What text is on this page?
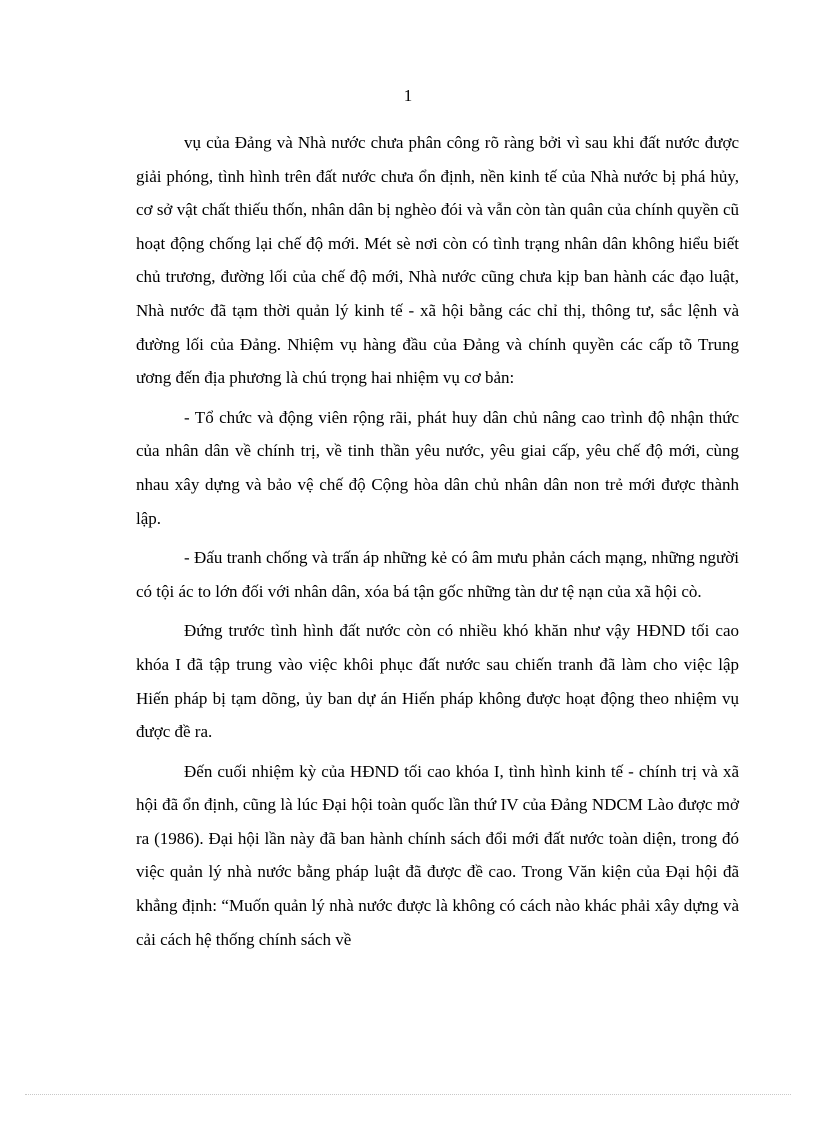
1

vụ của Đảng và Nhà nước chưa phân công rõ ràng bởi vì sau khi đất nước được giải phóng, tình hình trên đất nước chưa ổn định, nền kinh tế của Nhà nước bị phá hủy, cơ sở vật chất thiếu thốn, nhân dân bị nghèo đói và vẫn còn tàn quân của chính quyền cũ hoạt động chống lại chế độ mới. Mét sè nơi còn có tình trạng nhân dân không hiểu biết chủ trương, đường lối của chế độ mới, Nhà nước cũng chưa kịp ban hành các đạo luật, Nhà nước đã tạm thời quản lý kinh tế - xã hội bằng các chỉ thị, thông tư, sắc lệnh và đường lối của Đảng. Nhiệm vụ hàng đầu của Đảng và chính quyền các cấp tõ Trung ương đến địa phương là chú trọng hai nhiệm vụ cơ bản:

- Tổ chức và động viên rộng rãi, phát huy dân chủ nâng cao trình độ nhận thức của nhân dân về chính trị, về tinh thần yêu nước, yêu giai cấp, yêu chế độ mới, cùng nhau xây dựng và bảo vệ chế độ Cộng hòa dân chủ nhân dân non trẻ mới được thành lập.

- Đấu tranh chống và trấn áp những kẻ có âm mưu phản cách mạng, những người có tội ác to lớn đối với nhân dân, xóa bá tận gốc những tàn dư tệ nạn của xã hội cò.

Đứng trước tình hình đất nước còn có nhiều khó khăn như vậy HĐND tối cao khóa I đã tập trung vào việc khôi phục đất nước sau chiến tranh đã làm cho việc lập Hiến pháp bị tạm dõng, ủy ban dự án Hiến pháp không được hoạt động theo nhiệm vụ được đề ra.

Đến cuối nhiệm kỳ của HĐND tối cao khóa I, tình hình kinh tế - chính trị và xã hội đã ổn định, cũng là lúc Đại hội toàn quốc lần thứ IV của Đảng NDCM Lào được mở ra (1986). Đại hội lần này đã ban hành chính sách đổi mới đất nước toàn diện, trong đó việc quản lý nhà nước bằng pháp luật đã được đề cao. Trong Văn kiện của Đại hội đã khẳng định: “Muốn quản lý nhà nước được là không có cách nào khác phải xây dựng và cải cách hệ thống chính sách về
